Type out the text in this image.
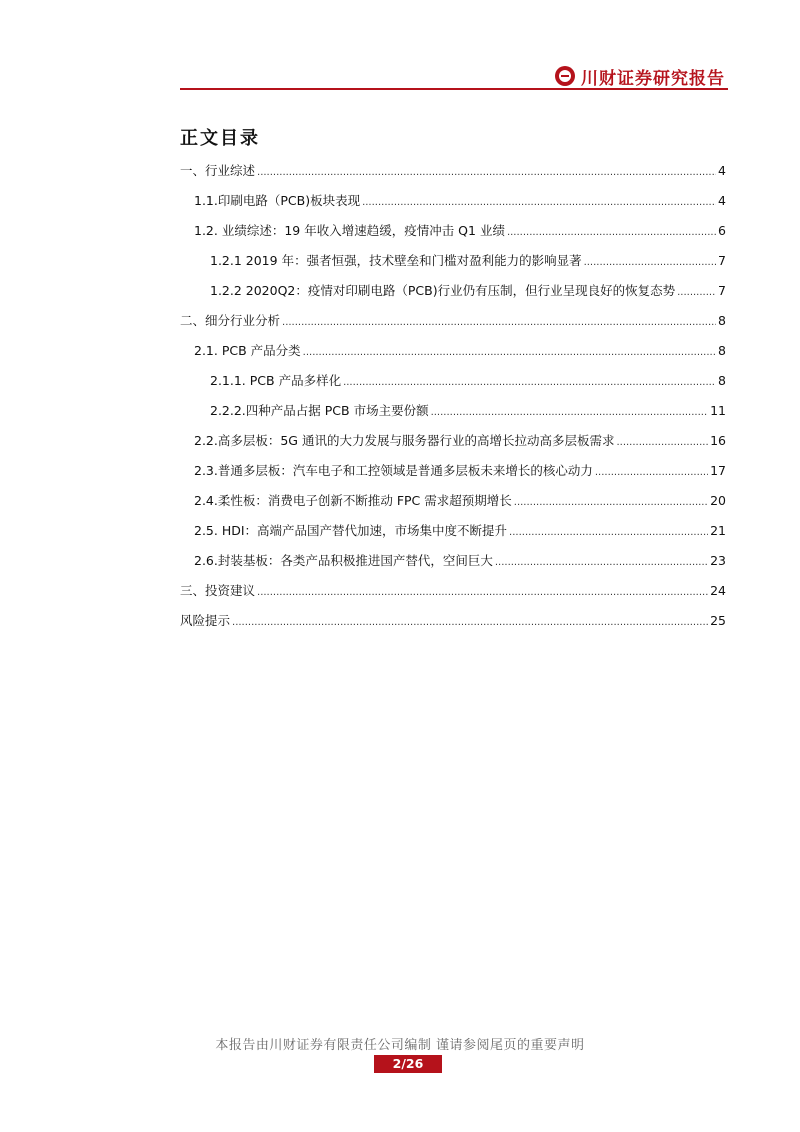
川财证券研究报告
正文目录
一、行业综述 .....	4
1.1.印刷电路（PCB)板块表现 .....	4
1.2. 业绩综述：19 年收入增速趋缓，疫情冲击 Q1 业绩 .....	6
1.2.1 2019 年：强者恒强，技术壁垒和门槛对盈利能力的影响显著 .....	7
1.2.2 2020Q2：疫情对印刷电路（PCB)行业仍有压制，但行业呈现良好的恢复态势 .....	7
二、细分行业分析 .....	8
2.1. PCB 产品分类 .....	8
2.1.1. PCB 产品多样化 .....	8
2.2.2.四种产品占据 PCB 市场主要份额 .....	11
2.2.高多层板：5G 通讯的大力发展与服务器行业的高增长拉动高多层板需求 .....	16
2.3.普通多层板：汽车电子和工控领域是普通多层板未来增长的核心动力 .....	17
2.4.柔性板：消费电子创新不断推动 FPC 需求超预期增长 .....	20
2.5. HDI：高端产品国产替代加速，市场集中度不断提升 .....	21
2.6.封装基板：各类产品积极推进国产替代，空间巨大 .....	23
三、投资建议 .....	24
风险提示 .....	25
本报告由川财证券有限责任公司编制 谨请参阅尾页的重要声明
2/26
